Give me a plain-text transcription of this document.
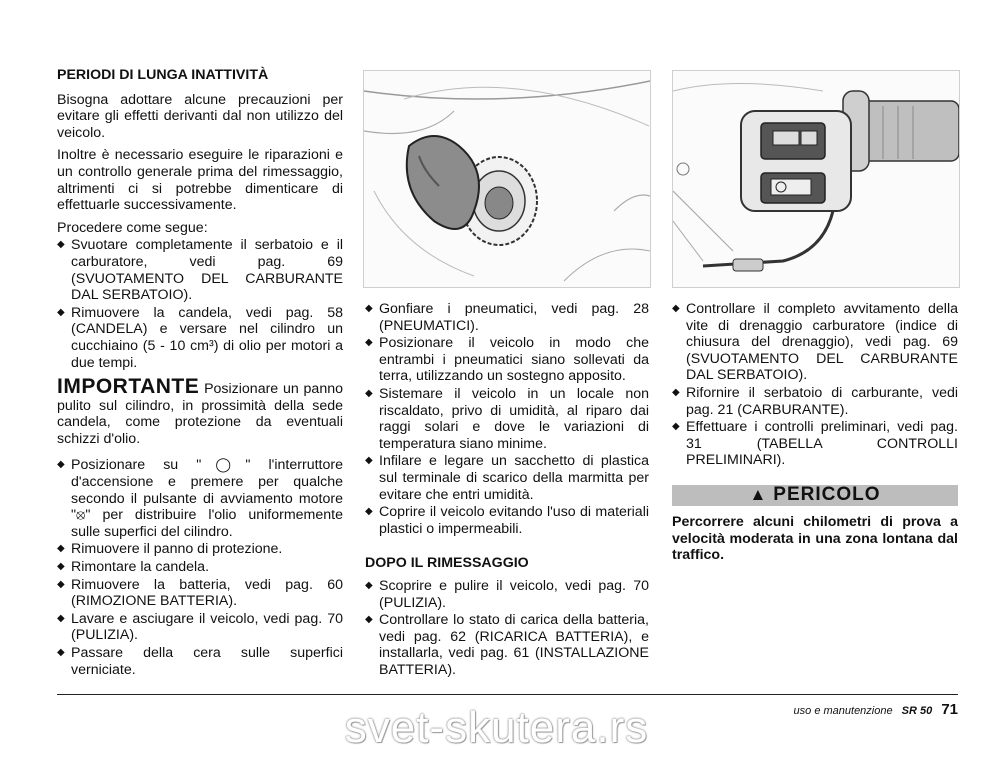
PERIODI DI LUNGA INATTIVITÀ

Bisogna adottare alcune precauzioni per evitare gli effetti derivanti dal non utilizzo del veicolo.

Inoltre è necessario eseguire le riparazioni e un controllo generale prima del rimessaggio, altrimenti ci si potrebbe dimenticare di effettuarle successivamente.

Procedere come segue:

◆ Svuotare completamente il serbatoio e il carburatore, vedi pag. 69 (SVUOTAMENTO DEL CARBURANTE DAL SERBATOIO).
◆ Rimuovere la candela, vedi pag. 58 (CANDELA) e versare nel cilindro un cucchiaino (5 - 10 cm³) di olio per motori a due tempi.
IMPORTANTE Posizionare un panno pulito sul cilindro, in prossimità della sede candela, come protezione da eventuali schizzi d'olio.
◆ Posizionare su "◯" l'interruttore d'accensione e premere per qualche secondo il pulsante di avviamento motore "⦻" per distribuire l'olio uniformemente sulle superfici del cilindro.
◆ Rimuovere il panno di protezione.
◆ Rimontare la candela.
◆ Rimuovere la batteria, vedi pag. 60 (RIMOZIONE BATTERIA).
◆ Lavare e asciugare il veicolo, vedi pag. 70 (PULIZIA).
◆ Passare della cera sulle superfici verniciate.
◆ Gonfiare i pneumatici, vedi pag. 28 (PNEUMATICI).
◆ Posizionare il veicolo in modo che entrambi i pneumatici siano sollevati da terra, utilizzando un sostegno apposito.
◆ Sistemare il veicolo in un locale non riscaldato, privo di umidità, al riparo dai raggi solari e dove le variazioni di temperatura siano minime.
◆ Infilare e legare un sacchetto di plastica sul terminale di scarico della marmitta per evitare che entri umidità.
◆ Coprire il veicolo evitando l'uso di materiali plastici o impermeabili.
DOPO IL RIMESSAGGIO
◆ Scoprire e pulire il veicolo, vedi pag. 70 (PULIZIA).
◆ Controllare lo stato di carica della batteria, vedi pag. 62 (RICARICA BATTERIA), e installarla, vedi pag. 61 (INSTALLAZIONE BATTERIA).
◆ Controllare il completo avvitamento della vite di drenaggio carburatore (indice di chiusura del drenaggio), vedi pag. 69 (SVUOTAMENTO DEL CARBURANTE DAL SERBATOIO).
◆ Rifornire il serbatoio di carburante, vedi pag. 21 (CARBURANTE).
◆ Effettuare i controlli preliminari, vedi pag. 31 (TABELLA CONTROLLI PRELIMINARI).
▲ PERICOLO
Percorrere alcuni chilometri di prova a velocità moderata in una zona lontana dal traffico.
uso e manutenzione SR 50 71
svet-skutera.rs
